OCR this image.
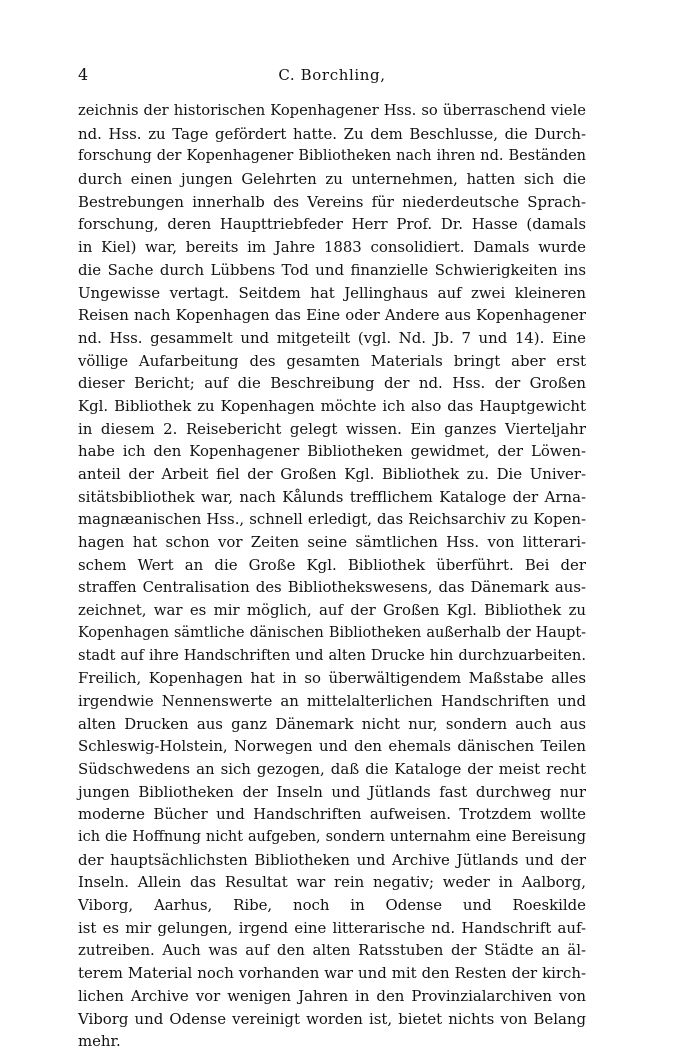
4	C. Borchling,
zeichnis der historischen Kopenhagener Hss. so überraschend viele
nd. Hss. zu Tage gefördert hatte. Zu dem Beschlusse, die Durch-
forschung der Kopenhagener Bibliotheken nach ihren nd. Beständen
durch einen jungen Gelehrten zu unternehmen, hatten sich die
Bestrebungen innerhalb des Vereins für niederdeutsche Sprach-
forschung, deren Haupttriebfeder Herr Prof. Dr. Hasse (damals
in Kiel) war, bereits im Jahre 1883 consolidiert. Damals wurde
die Sache durch Lübbens Tod und finanzielle Schwierigkeiten ins
Ungewisse vertagt. Seitdem hat Jellinghaus auf zwei kleineren
Reisen nach Kopenhagen das Eine oder Andere aus Kopenhagener
nd. Hss. gesammelt und mitgeteilt (vgl. Nd. Jb. 7 und 14). Eine
völlige Aufarbeitung des gesamten Materials bringt aber erst
dieser Bericht; auf die Beschreibung der nd. Hss. der Großen
Kgl. Bibliothek zu Kopenhagen möchte ich also das Hauptgewicht
in diesem 2. Reisebericht gelegt wissen. Ein ganzes Vierteljahr
habe ich den Kopenhagener Bibliotheken gewidmet, der Löwen-
anteil der Arbeit fiel der Großen Kgl. Bibliothek zu. Die Univer-
sitätsbibliothek war, nach Kålunds trefflichem Kataloge der Arna-
magnæanischen Hss., schnell erledigt, das Reichsarchiv zu Kopen-
hagen hat schon vor Zeiten seine sämtlichen Hss. von litterari-
schem Wert an die Große Kgl. Bibliothek überführt. Bei der
straffen Centralisation des Bibliothekswesens, das Dänemark aus-
zeichnet, war es mir möglich, auf der Großen Kgl. Bibliothek zu
Kopenhagen sämtliche dänischen Bibliotheken außerhalb der Haupt-
stadt auf ihre Handschriften und alten Drucke hin durchzuarbeiten.
Freilich, Kopenhagen hat in so überwältigendem Maßstabe alles
irgendwie Nennenswerte an mittelalterlichen Handschriften und
alten Drucken aus ganz Dänemark nicht nur, sondern auch aus
Schleswig-Holstein, Norwegen und den ehemals dänischen Teilen
Südschwedens an sich gezogen, daß die Kataloge der meist recht
jungen Bibliotheken der Inseln und Jütlands fast durchweg nur
moderne Bücher und Handschriften aufweisen. Trotzdem wollte
ich die Hoffnung nicht aufgeben, sondern unternahm eine Bereisung
der hauptsächlichsten Bibliotheken und Archive Jütlands und der
Inseln. Allein das Resultat war rein negativ; weder in Aalborg,
Viborg, Aarhus, Ribe, noch in Odense und Roeskilde
ist es mir gelungen, irgend eine litterarische nd. Handschrift auf-
zutreiben. Auch was auf den alten Ratsstuben der Städte an äl-
terem Material noch vorhanden war und mit den Resten der kirch-
lichen Archive vor wenigen Jahren in den Provinzialarchiven von
Viborg und Odense vereinigt worden ist, bietet nichts von Belang
mehr.
